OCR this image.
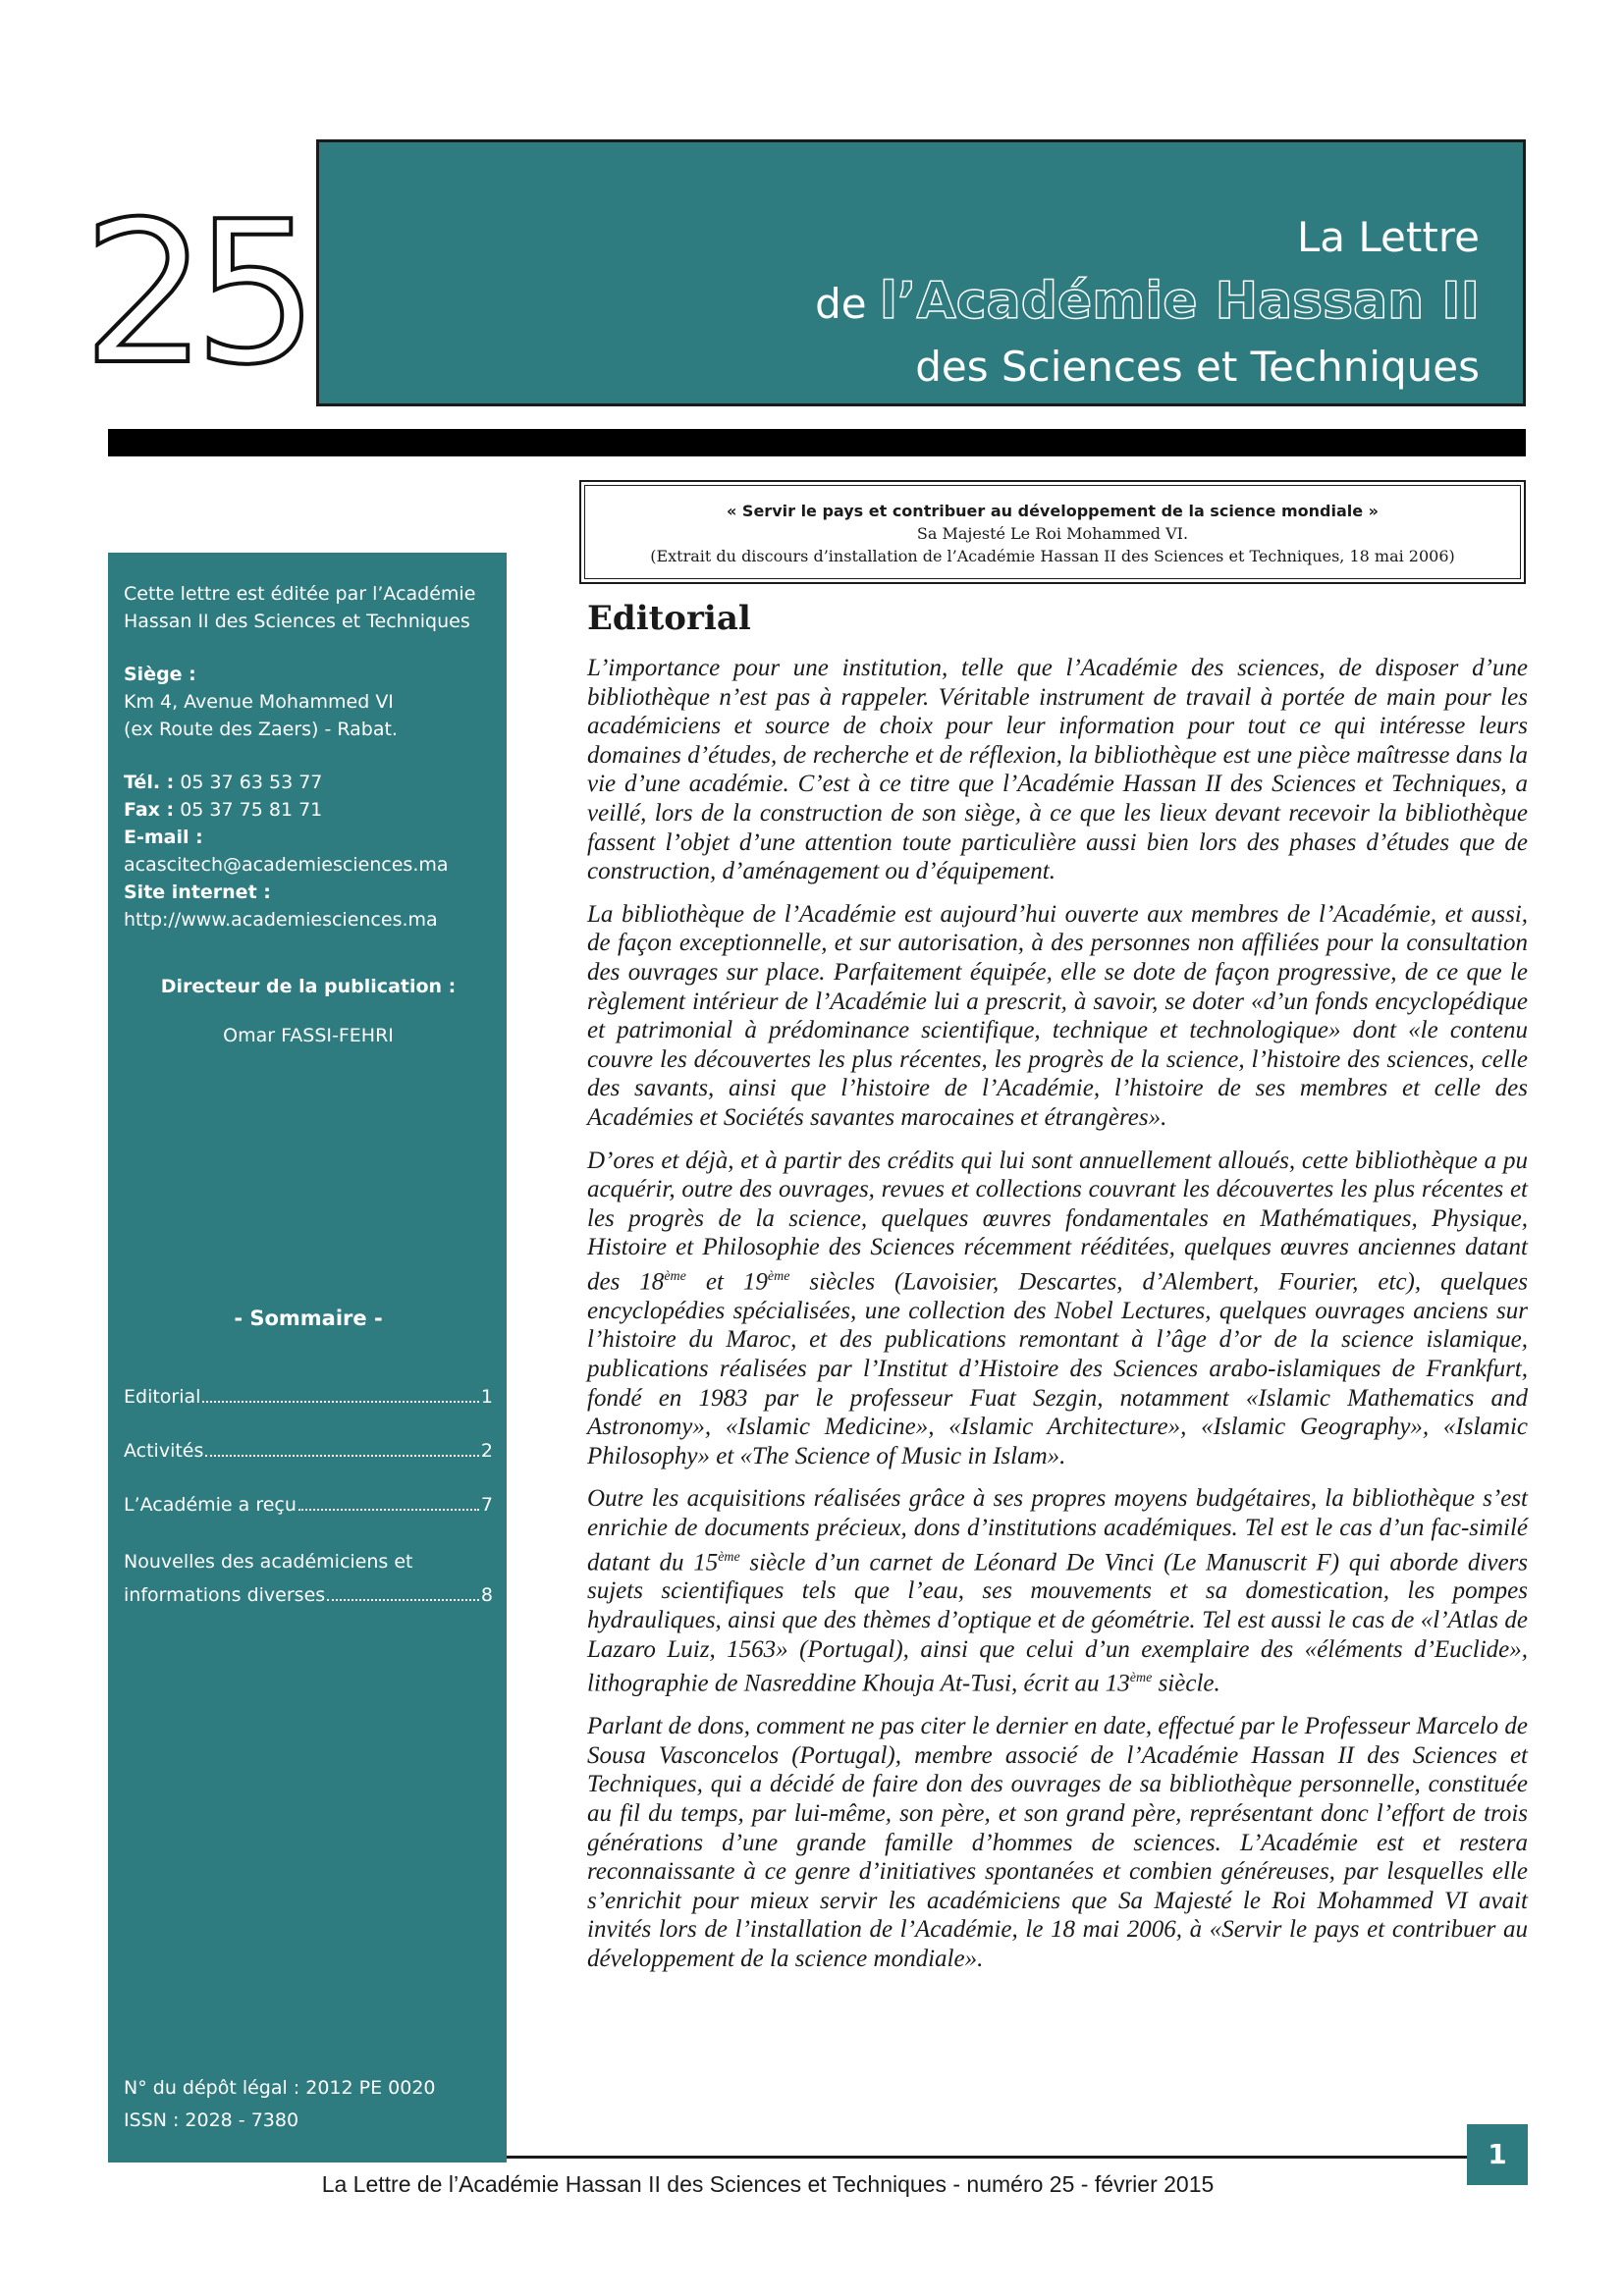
25	La Lettre
de l’Académie Hassan II
des Sciences et Techniques
« Servir le pays et contribuer au développement de la science mondiale »
Sa Majesté Le Roi Mohammed VI.
(Extrait du discours d’installation de l’Académie Hassan II des Sciences et Techniques, 18 mai 2006)

Cette lettre est éditée par l’Académie Hassan II des Sciences et Techniques

Siège :

Km 4, Avenue Mohammed VI

(ex Route des Zaers) - Rabat.

Tél. : 05 37 63 53 77

Fax : 05 37 75 81 71

E-mail :

acascitech@academiesciences.ma

Site internet :

http://www.academiesciences.ma

Directeur de la publication :

Omar FASSI-FEHRI

- Sommaire -

Editorial	1
Activités	2
L’Académie a reçu	7
Nouvelles des académiciens et
informations diverses	8
N° du dépôt légal : 2012 PE 0020
ISSN : 2028 - 7380
Editorial

L’importance pour une institution, telle que l’Académie des sciences, de disposer d’une bibliothèque n’est pas à rappeler. Véritable instrument de travail à portée de main pour les académiciens et source de choix pour leur information pour tout ce qui intéresse leurs domaines d’études, de recherche et de réflexion, la bibliothèque est une pièce maîtresse dans la vie d’une académie. C’est à ce titre que l’Académie Hassan II des Sciences et Techniques, a veillé, lors de la construction de son siège, à ce que les lieux devant recevoir la bibliothèque fassent l’objet d’une attention toute particulière aussi bien lors des phases d’études que de construction, d’aménagement ou d’équipement.

La bibliothèque de l’Académie est aujourd’hui ouverte aux membres de l’Académie, et aussi, de façon exceptionnelle, et sur autorisation, à des personnes non affiliées pour la consultation des ouvrages sur place. Parfaitement équipée, elle se dote de façon progressive, de ce que le règlement intérieur de l’Académie lui a prescrit, à savoir, se doter «d’un fonds encyclopédique et patrimonial à prédominance scientifique, technique et technologique» dont «le contenu couvre les découvertes les plus récentes, les progrès de la science, l’histoire des sciences, celle des savants, ainsi que l’histoire de l’Académie, l’histoire de ses membres et celle des Académies et Sociétés savantes marocaines et étrangères».

D’ores et déjà, et à partir des crédits qui lui sont annuellement alloués, cette bibliothèque a pu acquérir, outre des ouvrages, revues et collections couvrant les découvertes les plus récentes et les progrès de la science, quelques œuvres fondamentales en Mathématiques, Physique, Histoire et Philosophie des Sciences récemment rééditées, quelques œuvres anciennes datant des 18ème et 19ème siècles (Lavoisier, Descartes, d’Alembert, Fourier, etc), quelques encyclopédies spécialisées, une collection des Nobel Lectures, quelques ouvrages anciens sur l’histoire du Maroc, et des publications remontant à l’âge d’or de la science islamique, publications réalisées par l’Institut d’Histoire des Sciences arabo-islamiques de Frankfurt, fondé en 1983 par le professeur Fuat Sezgin, notamment «Islamic Mathematics and Astronomy», «Islamic Medicine», «Islamic Architecture», «Islamic Geography», «Islamic Philosophy» et «The Science of Music in Islam».

Outre les acquisitions réalisées grâce à ses propres moyens budgétaires, la bibliothèque s’est enrichie de documents précieux, dons d’institutions académiques. Tel est le cas d’un fac-similé datant du 15ème siècle d’un carnet de Léonard De Vinci (Le Manuscrit F) qui aborde divers sujets scientifiques tels que l’eau, ses mouvements et sa domestication, les pompes hydrauliques, ainsi que des thèmes d’optique et de géométrie. Tel est aussi le cas de «l’Atlas de Lazaro Luiz, 1563» (Portugal), ainsi que celui d’un exemplaire des «éléments d’Euclide», lithographie de Nasreddine Khouja At-Tusi, écrit au 13ème siècle.

Parlant de dons, comment ne pas citer le dernier en date, effectué par le Professeur Marcelo de Sousa Vasconcelos (Portugal), membre associé de l’Académie Hassan II des Sciences et Techniques, qui a décidé de faire don des ouvrages de sa bibliothèque personnelle, constituée au fil du temps, par lui-même, son père, et son grand père, représentant donc l’effort de trois générations d’une grande famille d’hommes de sciences. L’Académie est et restera reconnaissante à ce genre d’initiatives spontanées et combien généreuses, par lesquelles elle s’enrichit pour mieux servir les académiciens que Sa Majesté le Roi Mohammed VI avait invités lors de l’installation de l’Académie, le 18 mai 2006, à «Servir le pays et contribuer au développement de la science mondiale».

1
La Lettre de l’Académie Hassan II des Sciences et Techniques - numéro 25 - février 2015
